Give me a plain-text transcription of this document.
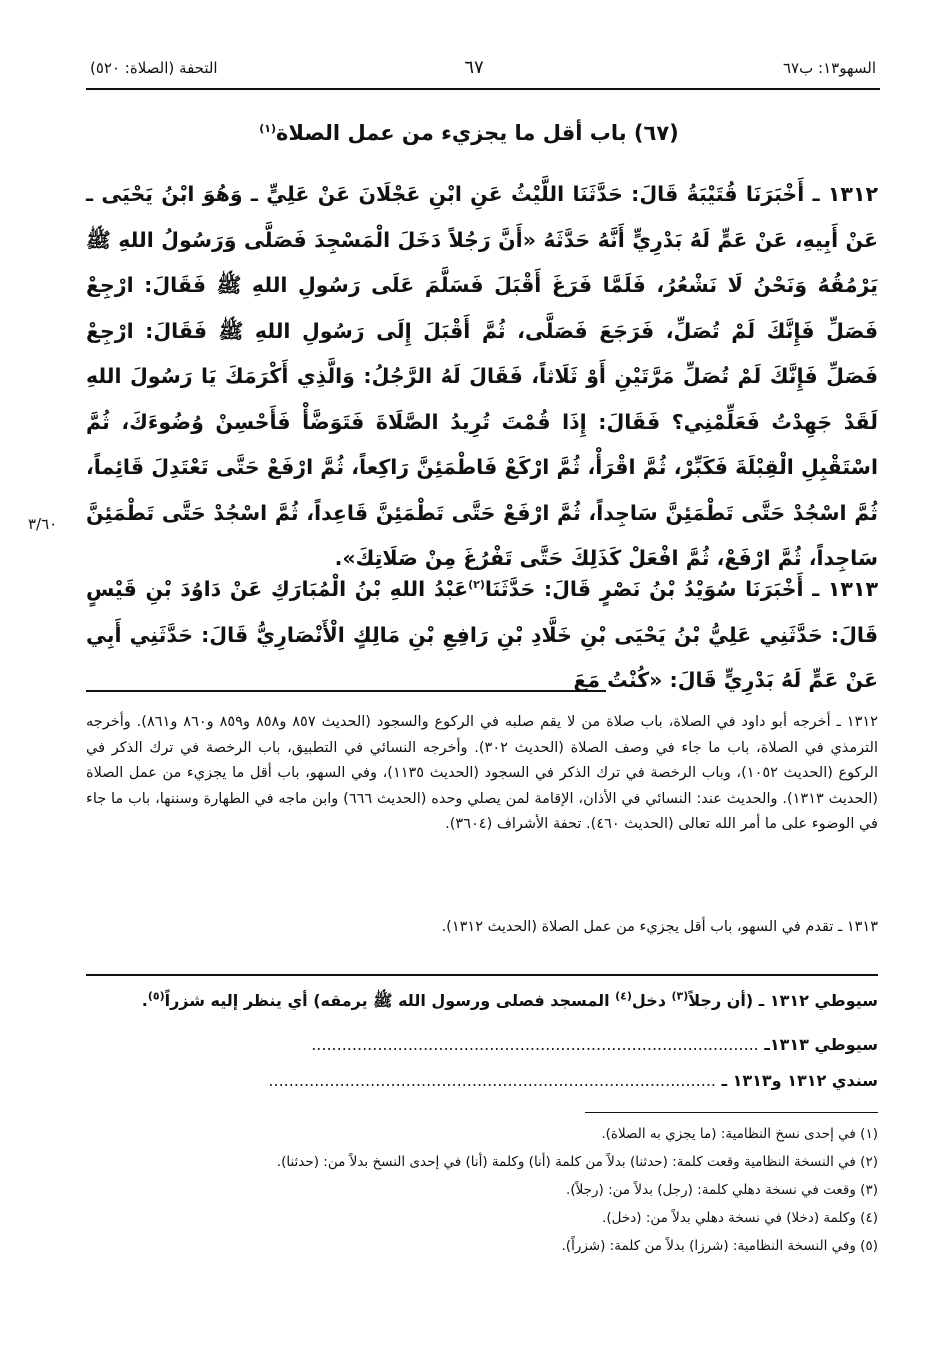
السهو١٣: ب٦٧
٦٧
التحفة (الصلاة: ٥٢٠)
(٦٧) باب أقل ما يجزيء من عمل الصلاة$^{(١)}$
١٣١٢ ـ أَخْبَرَنَا قُتَيْبَةُ قَالَ: حَدَّثَنَا اللَّيْثُ عَنِ ابْنِ عَجْلَانَ عَنْ عَلِيٍّ ـ وَهُوَ ابْنُ يَحْيَى ـ عَنْ أَبِيهِ، عَنْ عَمٍّ لَهُ بَدْرِيٍّ أَنَّهُ حَدَّثَهُ «أَنَّ رَجُلاً دَخَلَ الْمَسْجِدَ فَصَلَّى وَرَسُولُ اللهِ ﷺ يَرْمُقُهُ وَنَحْنُ لَا نَشْعُرُ، فَلَمَّا فَرَغَ أَقْبَلَ فَسَلَّمَ عَلَى رَسُولِ اللهِ ﷺ فَقَالَ: ارْجِعْ فَصَلِّ فَإِنَّكَ لَمْ تُصَلِّ، فَرَجَعَ فَصَلَّى، ثُمَّ أَقْبَلَ إِلَى رَسُولِ اللهِ ﷺ فَقَالَ: ارْجِعْ فَصَلِّ فَإِنَّكَ لَمْ تُصَلِّ مَرَّتَيْنِ أَوْ ثَلَاثاً، فَقَالَ لَهُ الرَّجُلُ: وَالَّذِي أَكْرَمَكَ يَا رَسُولَ اللهِ لَقَدْ جَهِدْتُ فَعَلِّمْنِي؟ فَقَالَ: إِذَا قُمْتَ تُرِيدُ الصَّلَاةَ فَتَوَضَّأْ فَأَحْسِنْ وُضُوءَكَ، ثُمَّ اسْتَقْبِلِ الْقِبْلَةَ فَكَبِّرْ، ثُمَّ اقْرَأْ، ثُمَّ ارْكَعْ فَاطْمَئِنَّ رَاكِعاً، ثُمَّ ارْفَعْ حَتَّى تَعْتَدِلَ قَائِماً، ثُمَّ اسْجُدْ حَتَّى تَطْمَئِنَّ سَاجِداً، ثُمَّ ارْفَعْ حَتَّى تَطْمَئِنَّ قَاعِداً، ثُمَّ اسْجُدْ حَتَّى تَطْمَئِنَّ سَاجِداً، ثُمَّ ارْفَعْ، ثُمَّ افْعَلْ كَذَلِكَ حَتَّى تَفْرُغَ مِنْ صَلَاتِكَ».
٣/٦٠
١٣١٣ ـ أَخْبَرَنَا سُوَيْدُ بْنُ نَصْرٍ قَالَ: حَدَّثَنَا$^{(٢)}$عَبْدُ اللهِ بْنُ الْمُبَارَكِ عَنْ دَاوُدَ بْنِ قَيْسٍ قَالَ: حَدَّثَنِي عَلِيُّ بْنُ يَحْيَى بْنِ خَلَّادِ بْنِ رَافِعِ بْنِ مَالِكٍ الْأَنْصَارِيُّ قَالَ: حَدَّثَنِي أَبِي عَنْ عَمٍّ لَهُ بَدْرِيٍّ قَالَ: «كُنْتُ مَعَ
١٣١٢ ـ أخرجه أبو داود في الصلاة، باب صلاة من لا يقم صلبه في الركوع والسجود (الحديث ٨٥٧ و٨٥٨ و٨٥٩ و٨٦٠ و٨٦١). وأخرجه الترمذي في الصلاة، باب ما جاء في وصف الصلاة (الحديث ٣٠٢). وأخرجه النسائي في التطبيق، باب الرخصة في ترك الذكر في الركوع (الحديث ١٠٥٢)، وباب الرخصة في ترك الذكر في السجود (الحديث ١١٣٥)، وفي السهو، باب أقل ما يجزيء من عمل الصلاة (الحديث ١٣١٣). والحديث عند: النسائي في الأذان، الإقامة لمن يصلي وحده (الحديث ٦٦٦) وابن ماجه في الطهارة وسننها، باب ما جاء في الوضوء على ما أمر الله تعالى (الحديث ٤٦٠). تحفة الأشراف (٣٦٠٤).
١٣١٣ ـ تقدم في السهو، باب أقل يجزيء من عمل الصلاة (الحديث ١٣١٢).
سيوطي ١٣١٢ ـ (أن رجلاً$^{(٣)}$ دخل$^{(٤)}$ المسجد فصلى ورسول الله ﷺ يرمقه) أي ينظر إليه شزراً$^{(٥)}$.
سيوطي ١٣١٣ـ ........................................................................................
سندي ١٣١٢ و١٣١٣ ـ ........................................................................................
(١) في إحدى نسخ النظامية: (ما يجزي به الصلاة).
(٢) في النسخة النظامية وقعت كلمة: (حدثنا) بدلاً من كلمة (أنا) وكلمة (أنا) في إحدى النسخ بدلاً من: (حدثنا).
(٣) وقعت في نسخة دهلي كلمة: (رجل) بدلاً من: (رجلاً).
(٤) وكلمة (دخلا) في نسخة دهلي بدلاً من: (دخل).
(٥) وفي النسخة النظامية: (شرزا) بدلاً من كلمة: (شزراً).
